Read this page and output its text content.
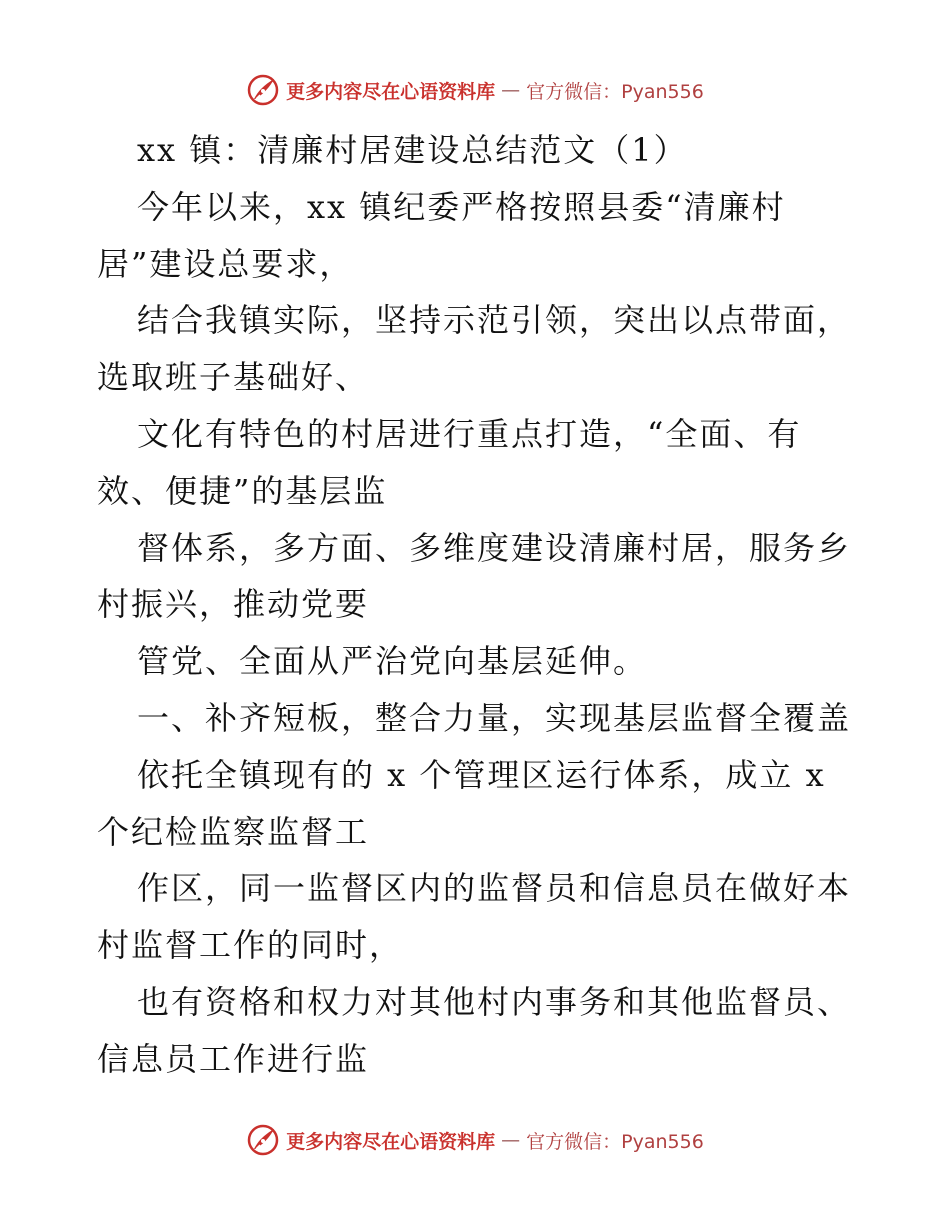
更多内容尽在心语资料库 — 官方微信：Pyan556
xx 镇：清廉村居建设总结范文（1）
今年以来，xx 镇纪委严格按照县委“清廉村
居”建设总要求，
结合我镇实际，坚持示范引领，突出以点带面，
选取班子基础好、
文化有特色的村居进行重点打造，“全面、有
效、便捷”的基层监
督体系，多方面、多维度建设清廉村居，服务乡
村振兴，推动党要
管党、全面从严治党向基层延伸。
一、补齐短板，整合力量，实现基层监督全覆盖
依托全镇现有的 x 个管理区运行体系，成立 x
个纪检监察监督工
作区，同一监督区内的监督员和信息员在做好本
村监督工作的同时，
也有资格和权力对其他村内事务和其他监督员、
信息员工作进行监
更多内容尽在心语资料库 — 官方微信：Pyan556
